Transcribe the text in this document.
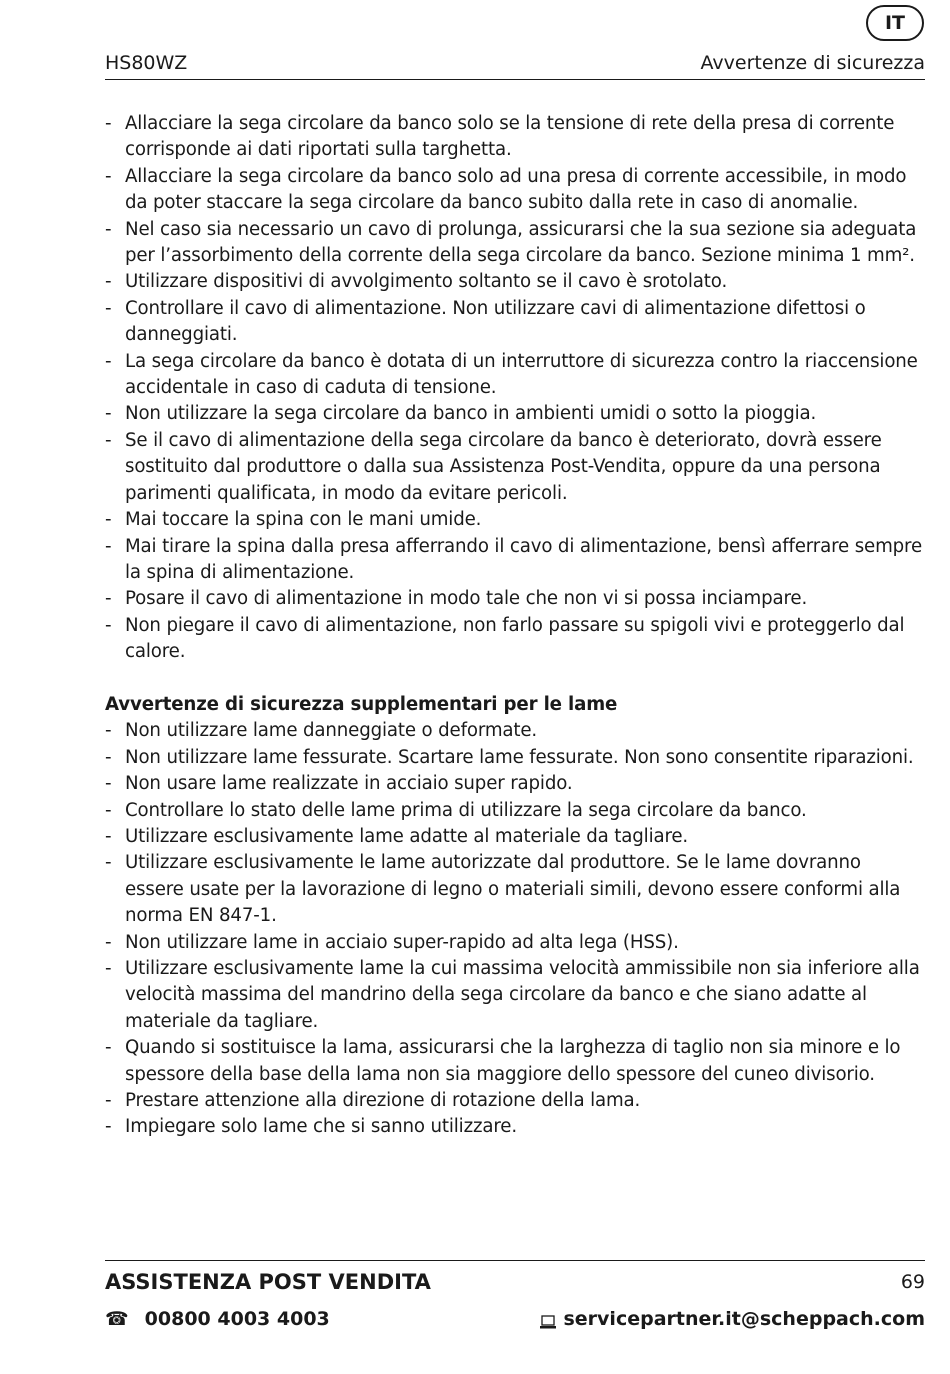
IT
HS80WZ	Avvertenze di sicurezza
- Allacciare la sega circolare da banco solo se la tensione di rete della presa di corrente corrisponde ai dati riportati sulla targhetta.
- Allacciare la sega circolare da banco solo ad una presa di corrente accessibile, in modo da poter staccare la sega circolare da banco subito dalla rete in caso di anomalie.
- Nel caso sia necessario un cavo di prolunga, assicurarsi che la sua sezione sia adeguata per l’assorbimento della corrente della sega circolare da banco. Sezione minima 1 mm².
- Utilizzare dispositivi di avvolgimento soltanto se il cavo è srotolato.
- Controllare il cavo di alimentazione. Non utilizzare cavi di alimentazione difettosi o danneggiati.
- La sega circolare da banco è dotata di un interruttore di sicurezza contro la riaccensione accidentale in caso di caduta di tensione.
- Non utilizzare la sega circolare da banco in ambienti umidi o sotto la pioggia.
- Se il cavo di alimentazione della sega circolare da banco è deteriorato, dovrà essere sostituito dal produttore o dalla sua Assistenza Post-Vendita, oppure da una persona parimenti qualificata, in modo da evitare pericoli.
- Mai toccare la spina con le mani umide.
- Mai tirare la spina dalla presa afferrando il cavo di alimentazione, bensì afferrare sempre la spina di alimentazione.
- Posare il cavo di alimentazione in modo tale che non vi si possa inciampare.
- Non piegare il cavo di alimentazione, non farlo passare su spigoli vivi e proteggerlo dal calore.
Avvertenze di sicurezza supplementari per le lame
- Non utilizzare lame danneggiate o deformate.
- Non utilizzare lame fessurate. Scartare lame fessurate. Non sono consentite riparazioni.
- Non usare lame realizzate in acciaio super rapido.
- Controllare lo stato delle lame prima di utilizzare la sega circolare da banco.
- Utilizzare esclusivamente lame adatte al materiale da tagliare.
- Utilizzare esclusivamente le lame autorizzate dal produttore. Se le lame dovranno essere usate per la lavorazione di legno o materiali simili, devono essere conformi alla norma EN 847-1.
- Non utilizzare lame in acciaio super-rapido ad alta lega (HSS).
- Utilizzare esclusivamente lame la cui massima velocità ammissibile non sia inferiore alla velocità massima del mandrino della sega circolare da banco e che siano adatte al materiale da tagliare.
- Quando si sostituisce la lama, assicurarsi che la larghezza di taglio non sia minore e lo spessore della base della lama non sia maggiore dello spessore del cuneo divisorio.
- Prestare attenzione alla direzione di rotazione della lama.
- Impiegare solo lame che si sanno utilizzare.
ASSISTENZA POST VENDITA	69
☎ 00800 4003 4003	servicepartner.it@scheppach.com
